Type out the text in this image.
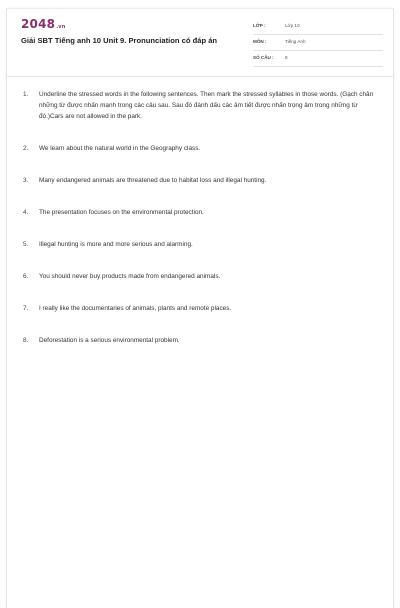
2048.vn
Giải SBT Tiếng anh 10 Unit 9. Pronunciation có đáp án
LỚP :	Lớp 10
MÔN :	Tiếng Anh
SỐ CÂU : 8
1. Underline the stressed words in the following sentences. Then mark the stressed syllables in those words. (Gạch chân những từ được nhấn mạnh trong các câu sau. Sau đó đánh dấu các âm tiết được nhấn trọng âm trong những từ đó.)Cars are not allowed in the park.
2. We learn about the natural world in the Geography class.
3. Many endangered animals are threatened due to habitat loss and illegal hunting.
4. The presentation focuses on the environmental protection.
5. Illegal hunting is more and more serious and alarming.
6. You should never buy products made from endangered animals.
7. I really like the documentaries of animals, plants and remote places.
8. Deforestation is a serious environmental problem.
